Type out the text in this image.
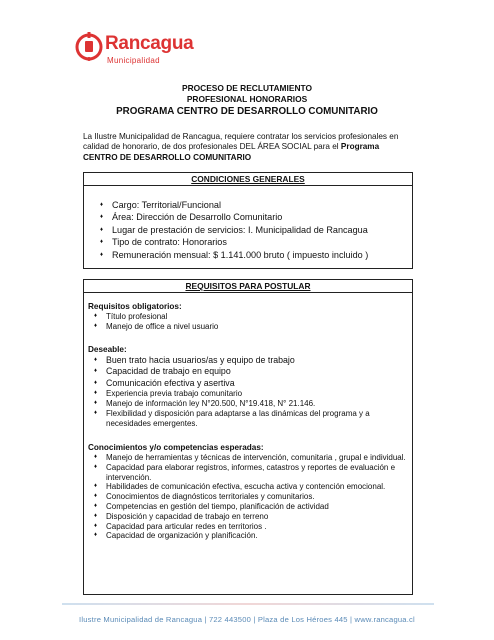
Rancagua
Municipalidad
PROCESO DE RECLUTAMIENTO
PROFESIONAL HONORARIOS
PROGRAMA CENTRO DE DESARROLLO COMUNITARIO
La Ilustre Municipalidad de Rancagua, requiere contratar los servicios profesionales en calidad de honorario, de dos profesionales DEL ÁREA SOCIAL para el Programa CENTRO DE DESARROLLO COMUNITARIO
CONDICIONES GENERALES
♦ Cargo: Territorial/Funcional
♦ Área: Dirección de Desarrollo Comunitario
♦ Lugar de prestación de servicios: I. Municipalidad de Rancagua
♦ Tipo de contrato: Honorarios
♦ Remuneración mensual: $ 1.141.000 bruto ( impuesto incluido )
REQUISITOS PARA POSTULAR
Requisitos obligatorios:
♦ Título profesional
♦ Manejo de office a nivel usuario
Deseable:
♦ Buen trato hacia usuarios/as y equipo de trabajo
♦ Capacidad de trabajo en equipo
♦ Comunicación efectiva y asertiva
♦ Experiencia previa trabajo comunitario
♦ Manejo de información ley N°20.500, N°19.418, N° 21.146.
♦ Flexibilidad y disposición para adaptarse a las dinámicas del programa y a necesidades emergentes.
Conocimientos y/o competencias esperadas:
♦ Manejo de herramientas y técnicas de intervención, comunitaria , grupal e individual.
♦ Capacidad para elaborar registros, informes, catastros y reportes de evaluación e intervención.
♦ Habilidades de comunicación efectiva, escucha activa y contención emocional.
♦ Conocimientos de diagnósticos territoriales y comunitarios.
♦ Competencias en gestión del tiempo, planificación de actividad
♦ Disposición y capacidad de trabajo en terreno
♦ Capacidad para articular redes en territorios .
♦ Capacidad de organización y planificación.
Ilustre Municipalidad de Rancagua | 722 443500 | Plaza de Los Héroes 445 | www.rancagua.cl
